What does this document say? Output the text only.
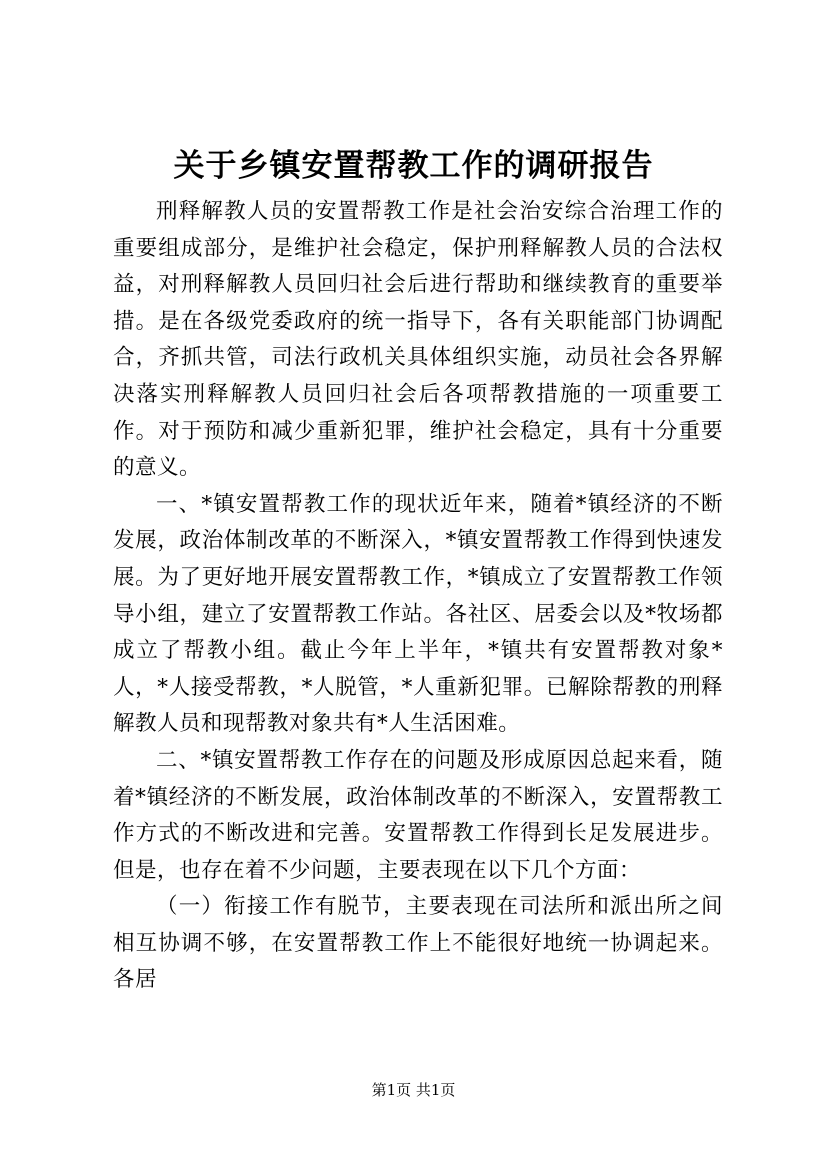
关于乡镇安置帮教工作的调研报告

刑释解教人员的安置帮教工作是社会治安综合治理工作的重要组成部分，是维护社会稳定，保护刑释解教人员的合法权益，对刑释解教人员回归社会后进行帮助和继续教育的重要举措。是在各级党委政府的统一指导下，各有关职能部门协调配合，齐抓共管，司法行政机关具体组织实施，动员社会各界解决落实刑释解教人员回归社会后各项帮教措施的一项重要工作。对于预防和减少重新犯罪，维护社会稳定，具有十分重要的意义。

一、*镇安置帮教工作的现状近年来，随着*镇经济的不断发展，政治体制改革的不断深入，*镇安置帮教工作得到快速发展。为了更好地开展安置帮教工作，*镇成立了安置帮教工作领导小组，建立了安置帮教工作站。各社区、居委会以及*牧场都成立了帮教小组。截止今年上半年，*镇共有安置帮教对象*人，*人接受帮教，*人脱管，*人重新犯罪。已解除帮教的刑释解教人员和现帮教对象共有*人生活困难。

二、*镇安置帮教工作存在的问题及形成原因总起来看，随着*镇经济的不断发展，政治体制改革的不断深入，安置帮教工作方式的不断改进和完善。安置帮教工作得到长足发展进步。但是，也存在着不少问题，主要表现在以下几个方面：

（一）衔接工作有脱节，主要表现在司法所和派出所之间相互协调不够，在安置帮教工作上不能很好地统一协调起来。各居

第1页 共1页
